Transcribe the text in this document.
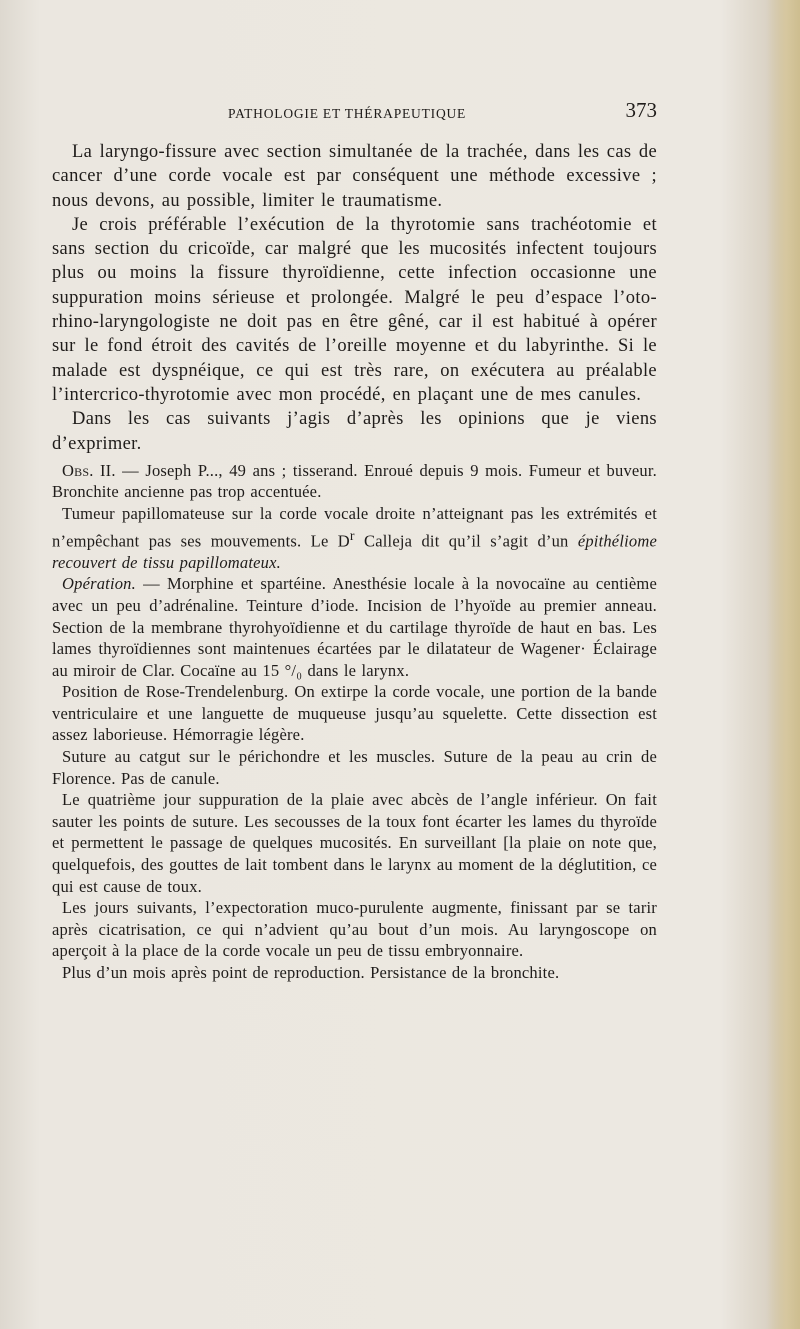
PATHOLOGIE ET THÉRAPEUTIQUE	373

La laryngo-fissure avec section simultanée de la trachée, dans les cas de cancer d’une corde vocale est par conséquent une méthode excessive ; nous devons, au possible, limiter le traumatisme.

Je crois préférable l’exécution de la thyrotomie sans trachéotomie et sans section du cricoïde, car malgré que les mucosités infectent toujours plus ou moins la fissure thyroïdienne, cette infection occasionne une suppuration moins sérieuse et prolongée. Malgré le peu d’espace l’oto-rhino-laryngologiste ne doit pas en être gêné, car il est habitué à opérer sur le fond étroit des cavités de l’oreille moyenne et du labyrinthe. Si le malade est dyspnéique, ce qui est très rare, on exécutera au préalable l’intercrico-thyrotomie avec mon procédé, en plaçant une de mes canules.

Dans les cas suivants j’agis d’après les opinions que je viens d’exprimer.

Obs. II. — Joseph P..., 49 ans ; tisserand. Enroué depuis 9 mois. Fumeur et buveur. Bronchite ancienne pas trop accentuée.

Tumeur papillomateuse sur la corde vocale droite n’atteignant pas les extrémités et n’empêchant pas ses mouvements. Le $D^r$ Calleja dit qu’il s’agit d’un épithéliome recouvert de tissu papillomateux.

Opération. — Morphine et spartéine. Anesthésie locale à la novocaïne au centième avec un peu d’adrénaline. Teinture d’iode. Incision de l’hyoïde au premier anneau. Section de la membrane thyrohyoïdienne et du cartilage thyroïde de haut en bas. Les lames thyroïdiennes sont maintenues écartées par le dilatateur de Wagener· Éclairage au miroir de Clar. Cocaïne au 15 °/₀ dans le larynx.

Position de Rose-Trendelenburg. On extirpe la corde vocale, une portion de la bande ventriculaire et une languette de muqueuse jusqu’au squelette. Cette dissection est assez laborieuse. Hémorragie légère.

Suture au catgut sur le périchondre et les muscles. Suture de la peau au crin de Florence. Pas de canule.

Le quatrième jour suppuration de la plaie avec abcès de l’angle inférieur. On fait sauter les points de suture. Les secousses de la toux font écarter les lames du thyroïde et permettent le passage de quelques mucosités. En surveillant [la plaie on note que, quelquefois, des gouttes de lait tombent dans le larynx au moment de la déglutition, ce qui est cause de toux.

Les jours suivants, l’expectoration muco-purulente augmente, finissant par se tarir après cicatrisation, ce qui n’advient qu’au bout d’un mois. Au laryngoscope on aperçoit à la place de la corde vocale un peu de tissu embryonnaire.

Plus d’un mois après point de reproduction. Persistance de la bronchite.
